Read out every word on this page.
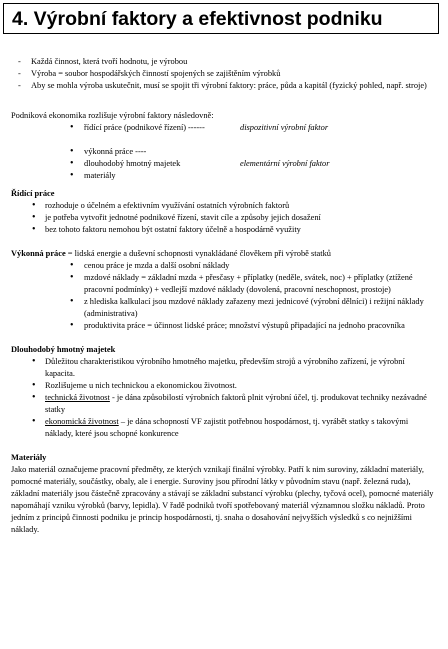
4. Výrobní faktory a efektivnost podniku
- Každá činnost, která tvoří hodnotu, je výrobou
- Výroba = soubor hospodářských činností spojených se zajištěním výrobků
- Aby se mohla výroba uskutečnit, musí se spojit tři výrobní faktory: práce, půda a kapitál (fyzický pohled, např. stroje)
Podniková ekonomika rozlišuje výrobní faktory následovně:
• řídící práce (podnikové řízení) ------	dispozitivní výrobní faktor
• výkonná práce ----
• dlouhodobý hmotný majetek	elementární výrobní faktor
• materiály
Řídící práce
• rozhoduje o účelném a efektivním využívání ostatních výrobních faktorů
• je potřeba vytvořit jednotné podnikové řízení, stavit cíle a způsoby jejich dosažení
• bez tohoto faktoru nemohou být ostatní faktory účelně a hospodárně využity
Výkonná práce = lidská energie a duševní schopnosti vynakládané člověkem při výrobě statků
• cenou práce je mzda a další osobní náklady
• mzdové náklady = základní mzda + přesčasy + příplatky (neděle, svátek, noc) + příplatky (ztížené pracovní podmínky) + vedlejší mzdové náklady (dovolená, pracovní neschopnost, prostoje)
• z hlediska kalkulací jsou mzdové náklady zařazeny mezi jednicové (výrobní dělníci) i režijní náklady (administrativa)
• produktivita práce = účinnost lidské práce; množství výstupů připadající na jednoho pracovníka
Dlouhodobý hmotný majetek
• Důležitou charakteristikou výrobního hmotného majetku, především strojů a výrobního zařízení, je výrobní kapacita.
• Rozlišujeme u nich technickou a ekonomickou životnost.
• technická životnost - je dána způsobilostí výrobních faktorů plnit výrobní účel, tj. produkovat techniky nezávadné statky
• ekonomická životnost – je dána schopností VF zajistit potřebnou hospodárnost, tj. vyrábět statky s takovými náklady, které jsou schopné konkurence
Materiály
Jako materiál označujeme pracovní předměty, ze kterých vznikají finální výrobky. Patří k nim suroviny, základní materiály, pomocné materiály, součástky, obaly, ale i energie. Suroviny jsou přírodní látky v původním stavu (např. železná ruda), základní materiály jsou částečně zpracovány a stávají se základní substancí výrobku (plechy, tyčová ocel), pomocné materiály napomáhají vzniku výrobků (barvy, lepidla). V řadě podniků tvoří spotřebovaný materiál významnou složku nákladů. Proto jedním z principů činnosti podniku je princip hospodárnosti, tj. snaha o dosahování nejvyšších výsledků s co nejnižšími náklady.
